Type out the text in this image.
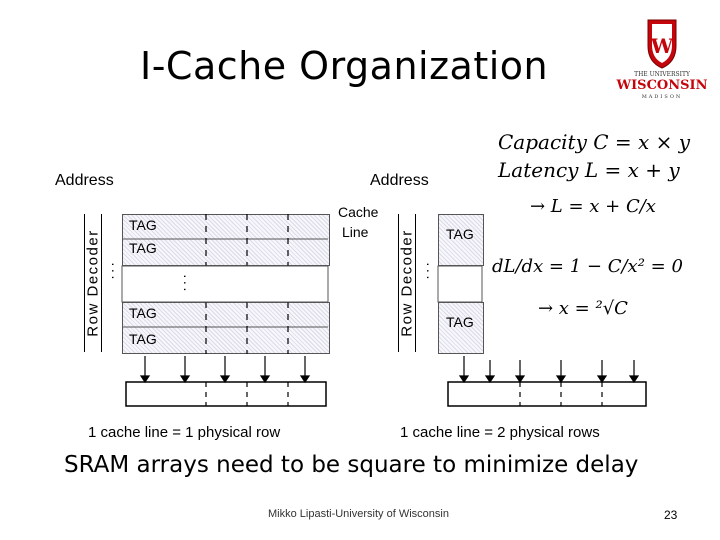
I-Cache Organization	W
THE UNIVERSITY
WISCONSIN
MADISON
Address
Row Decoder
TAG
TAG
TAG
TAG
· · ·
· · ·
1 cache line = 1 physical row
Address
Cache
Line Row Decoder TAG
TAG
· · ·
1 cache line = 2 physical rows
Capacity C = x × y
Latency L = x + y
→ L = x + C/x
dL/dx = 1 − C/x² = 0
→ x = ²√C
SRAM arrays need to be square to minimize delay
Mikko Lipasti-University of Wisconsin	23
